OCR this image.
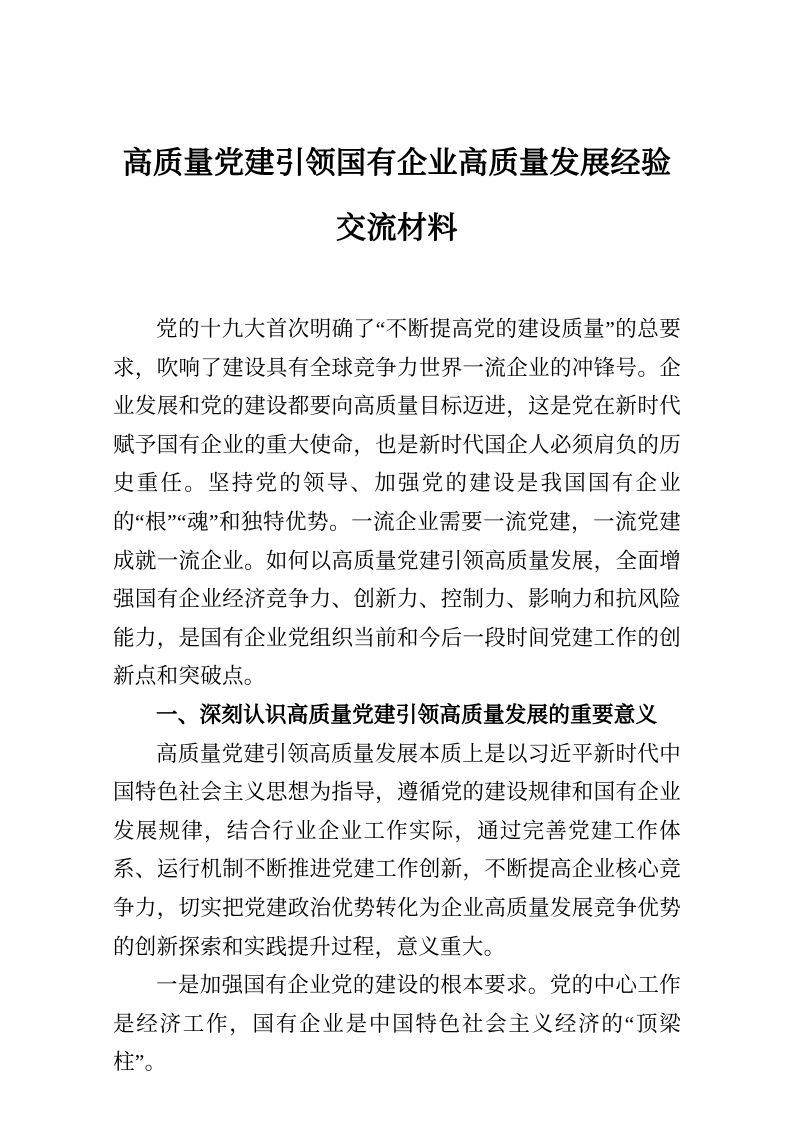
高质量党建引领国有企业高质量发展经验交流材料

党的十九大首次明确了“不断提高党的建设质量”的总要求，吹响了建设具有全球竞争力世界一流企业的冲锋号。企业发展和党的建设都要向高质量目标迈进，这是党在新时代赋予国有企业的重大使命，也是新时代国企人必须肩负的历史重任。坚持党的领导、加强党的建设是我国国有企业的“根”“魂”和独特优势。一流企业需要一流党建，一流党建成就一流企业。如何以高质量党建引领高质量发展，全面增强国有企业经济竞争力、创新力、控制力、影响力和抗风险能力，是国有企业党组织当前和今后一段时间党建工作的创新点和突破点。

一、深刻认识高质量党建引领高质量发展的重要意义

高质量党建引领高质量发展本质上是以习近平新时代中国特色社会主义思想为指导，遵循党的建设规律和国有企业发展规律，结合行业企业工作实际，通过完善党建工作体系、运行机制不断推进党建工作创新，不断提高企业核心竞争力，切实把党建政治优势转化为企业高质量发展竞争优势的创新探索和实践提升过程，意义重大。

一是加强国有企业党的建设的根本要求。党的中心工作是经济工作，国有企业是中国特色社会主义经济的“顶梁柱”。
